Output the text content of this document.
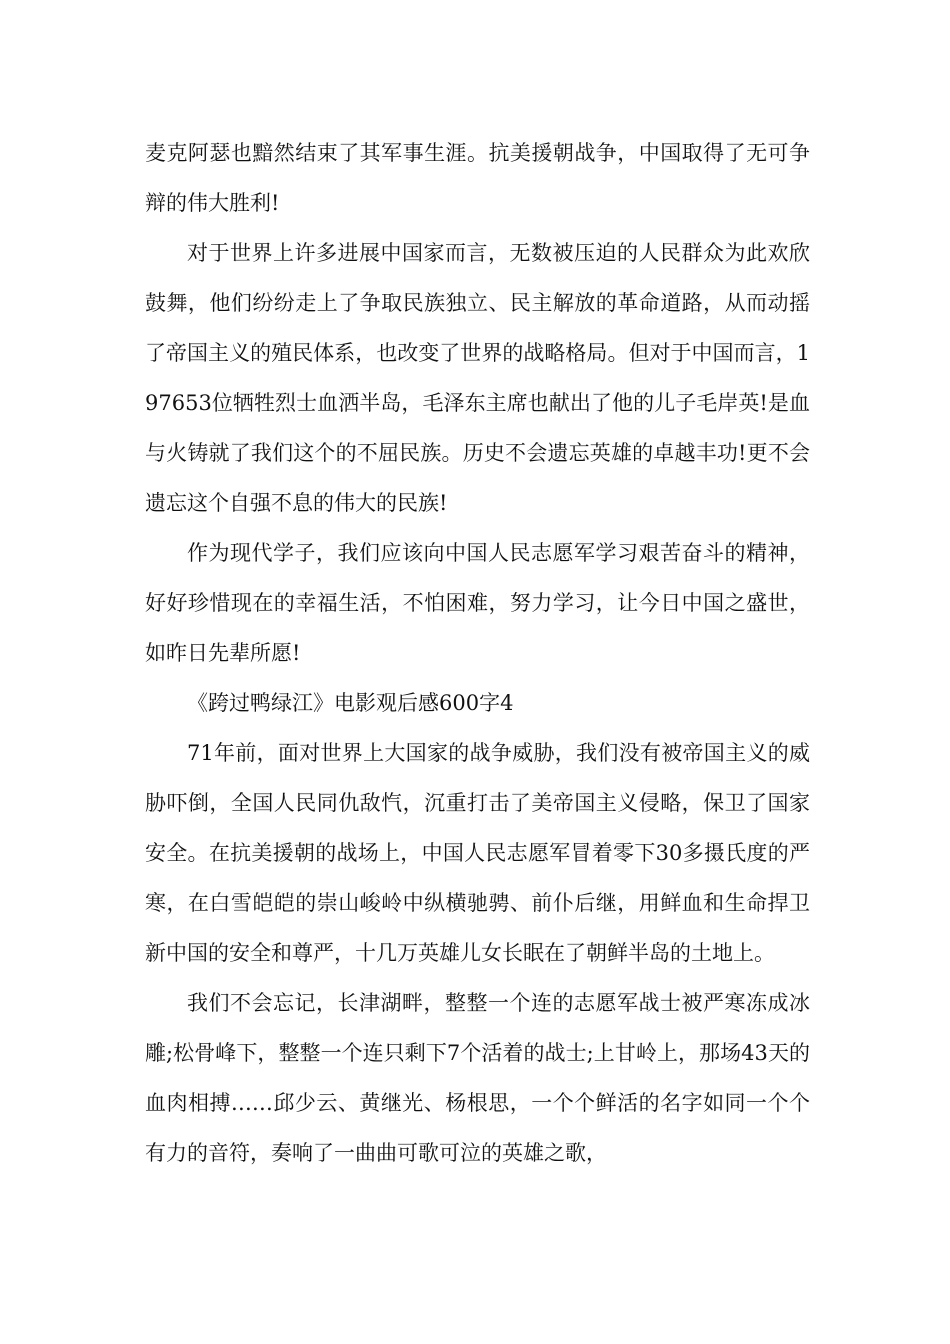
麦克阿瑟也黯然结束了其军事生涯。抗美援朝战争，中国取得了无可争辩的伟大胜利!

对于世界上许多进展中国家而言，无数被压迫的人民群众为此欢欣鼓舞，他们纷纷走上了争取民族独立、民主解放的革命道路，从而动摇了帝国主义的殖民体系，也改变了世界的战略格局。但对于中国而言，197653位牺牲烈士血洒半岛，毛泽东主席也献出了他的儿子毛岸英!是血与火铸就了我们这个的不屈民族。历史不会遗忘英雄的卓越丰功!更不会遗忘这个自强不息的伟大的民族!

作为现代学子，我们应该向中国人民志愿军学习艰苦奋斗的精神，好好珍惜现在的幸福生活，不怕困难，努力学习，让今日中国之盛世，如昨日先辈所愿!

《跨过鸭绿江》电影观后感600字4

71年前，面对世界上大国家的战争威胁，我们没有被帝国主义的威胁吓倒，全国人民同仇敌忾，沉重打击了美帝国主义侵略，保卫了国家安全。在抗美援朝的战场上，中国人民志愿军冒着零下30多摄氏度的严寒，在白雪皑皑的崇山峻岭中纵横驰骋、前仆后继，用鲜血和生命捍卫新中国的安全和尊严，十几万英雄儿女长眠在了朝鲜半岛的土地上。

我们不会忘记，长津湖畔，整整一个连的志愿军战士被严寒冻成冰雕;松骨峰下，整整一个连只剩下7个活着的战士;上甘岭上，那场43天的血肉相搏……邱少云、黄继光、杨根思，一个个鲜活的名字如同一个个有力的音符，奏响了一曲曲可歌可泣的英雄之歌，
